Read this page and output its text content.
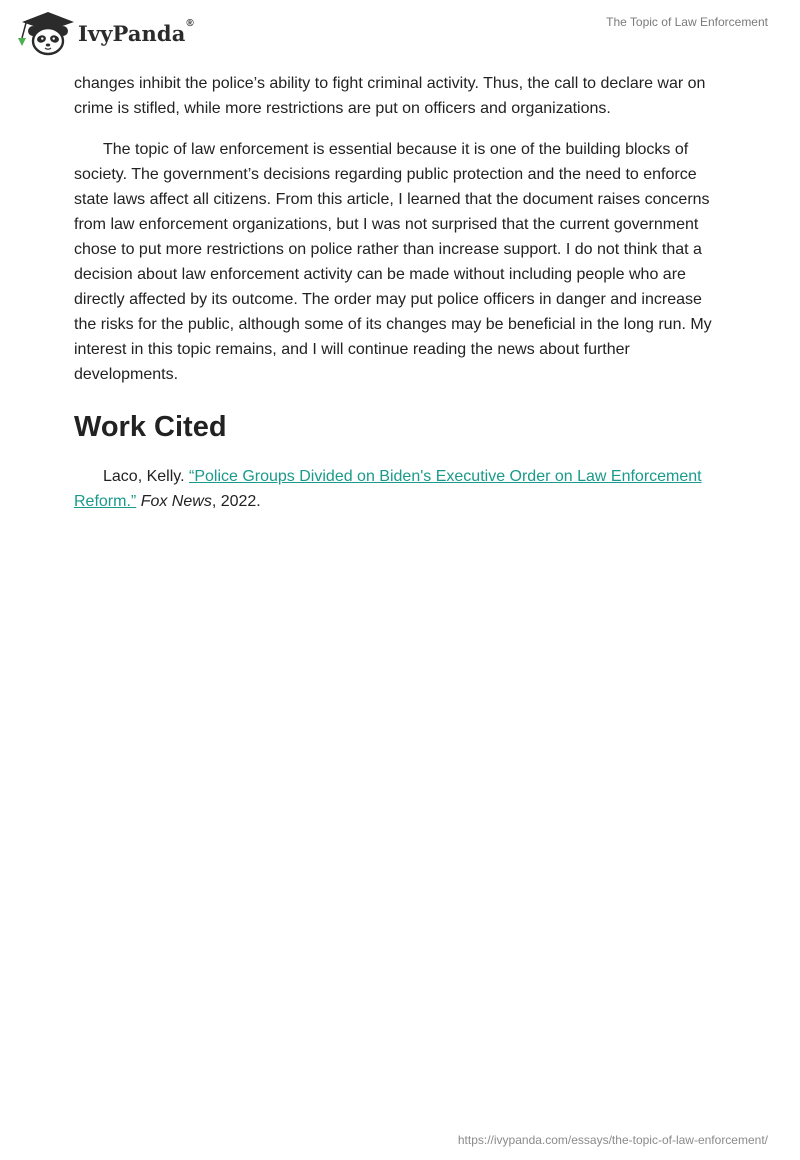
IvyPanda ®	The Topic of Law Enforcement

changes inhibit the police’s ability to fight criminal activity. Thus, the call to declare war on crime is stifled, while more restrictions are put on officers and organizations.

The topic of law enforcement is essential because it is one of the building blocks of society. The government’s decisions regarding public protection and the need to enforce state laws affect all citizens. From this article, I learned that the document raises concerns from law enforcement organizations, but I was not surprised that the current government chose to put more restrictions on police rather than increase support. I do not think that a decision about law enforcement activity can be made without including people who are directly affected by its outcome. The order may put police officers in danger and increase the risks for the public, although some of its changes may be beneficial in the long run. My interest in this topic remains, and I will continue reading the news about further developments.

Work Cited
Laco, Kelly. “Police Groups Divided on Biden's Executive Order on Law Enforcement Reform.” Fox News, 2022.
https://ivypanda.com/essays/the-topic-of-law-enforcement/
